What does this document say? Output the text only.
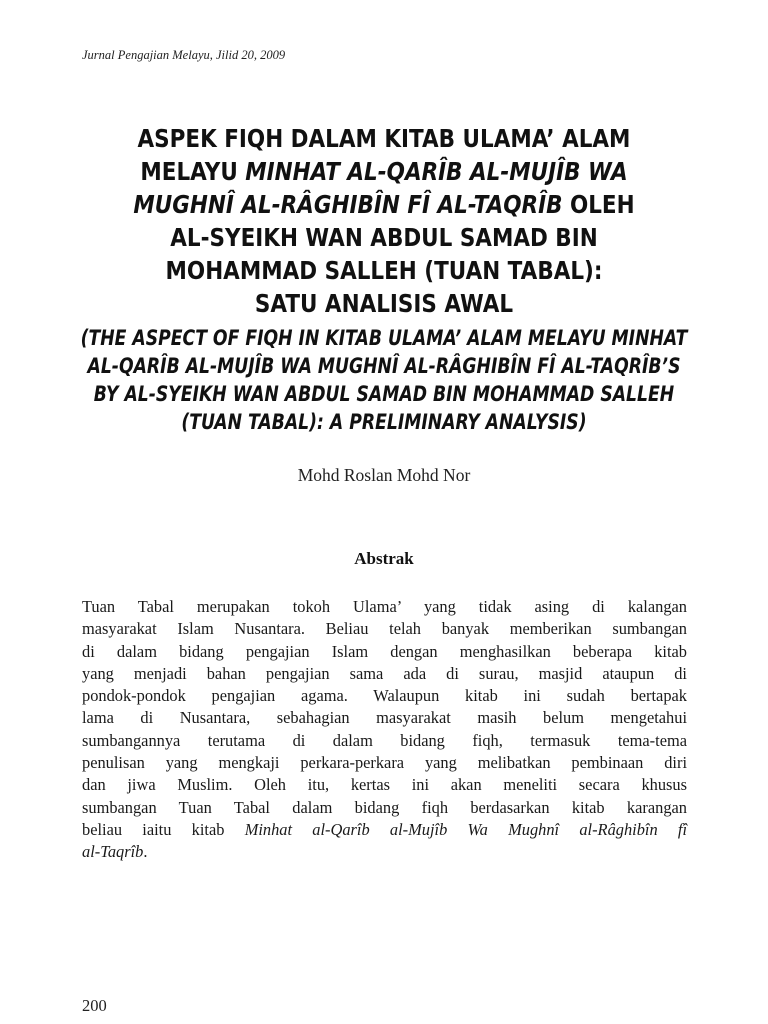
Jurnal Pengajian Melayu, Jilid 20, 2009
ASPEK FIQH DALAM KITAB ULAMA’ ALAM
MELAYU MINHAT AL-QARÎB AL-MUJÎB WA
MUGHNÎ AL-RÂGHIBÎN FÎ AL-TAQRÎB OLEH
AL-SYEIKH WAN ABDUL SAMAD BIN
MOHAMMAD SALLEH (TUAN TABAL):
SATU ANALISIS AWAL
(THE ASPECT OF FIQH IN KITAB ULAMA’ ALAM MELAYU MINHAT
AL-QARÎB AL-MUJÎB WA MUGHNÎ AL-RÂGHIBÎN FÎ AL-TAQRÎB’S
BY AL-SYEIKH WAN ABDUL SAMAD BIN MOHAMMAD SALLEH
(TUAN TABAL): A PRELIMINARY ANALYSIS)
Mohd Roslan Mohd Nor
Abstrak
Tuan Tabal merupakan tokoh Ulama’ yang tidak asing di kalangan
masyarakat Islam Nusantara. Beliau telah banyak memberikan sumbangan
di dalam bidang pengajian Islam dengan menghasilkan beberapa kitab
yang menjadi bahan pengajian sama ada di surau, masjid ataupun di
pondok-pondok pengajian agama. Walaupun kitab ini sudah bertapak
lama di Nusantara, sebahagian masyarakat masih belum mengetahui
sumbangannya terutama di dalam bidang fiqh, termasuk tema-tema
penulisan yang mengkaji perkara-perkara yang melibatkan pembinaan diri
dan jiwa Muslim. Oleh itu, kertas ini akan meneliti secara khusus
sumbangan Tuan Tabal dalam bidang fiqh berdasarkan kitab karangan
beliau iaitu kitab Minhat al-Qarîb al-Mujîb Wa Mughnî al-Râghibîn fî
al-Taqrîb.
200
